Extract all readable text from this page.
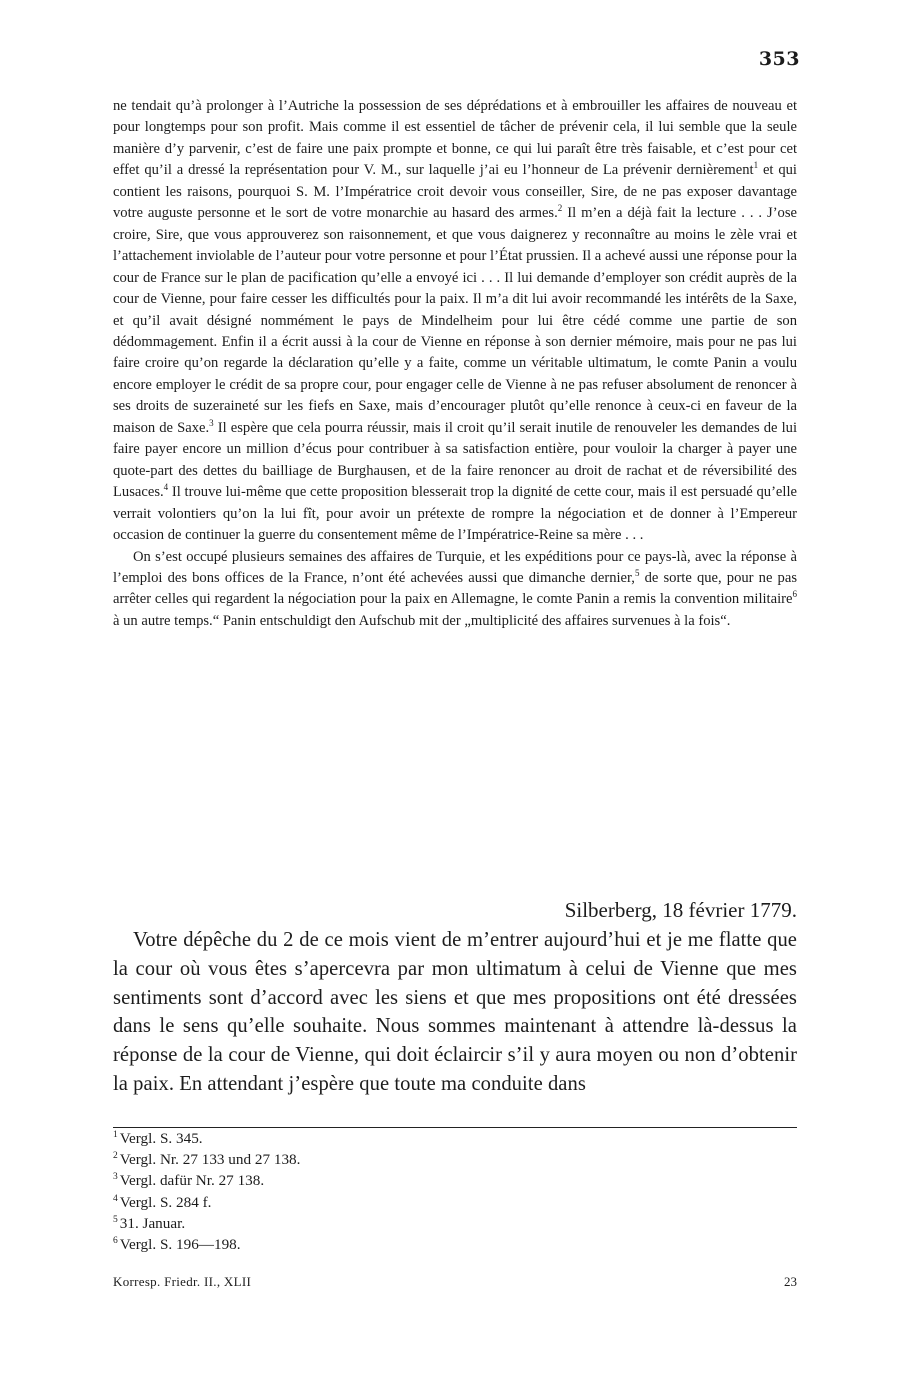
353

ne tendait qu’à prolonger à l’Autriche la possession de ses déprédations et à embrouiller les affaires de nouveau et pour longtemps pour son profit. Mais comme il est essentiel de tâcher de prévenir cela, il lui semble que la seule manière d’y parvenir, c’est de faire une paix prompte et bonne, ce qui lui paraît être très faisable, et c’est pour cet effet qu’il a dressé la représentation pour V. M., sur laquelle j’ai eu l’honneur de La prévenir dernièrement$^1$ et qui contient les raisons, pourquoi S. M. l’Impératrice croit devoir vous conseiller, Sire, de ne pas exposer davantage votre auguste personne et le sort de votre monarchie au hasard des armes.$^2$ Il m’en a déjà fait la lecture . . . J’ose croire, Sire, que vous approuverez son raisonnement, et que vous daignerez y reconnaître au moins le zèle vrai et l’attachement inviolable de l’auteur pour votre personne et pour l’État prussien. Il a achevé aussi une réponse pour la cour de France sur le plan de pacification qu’elle a envoyé ici . . . Il lui demande d’employer son crédit auprès de la cour de Vienne, pour faire cesser les difficultés pour la paix. Il m’a dit lui avoir recommandé les intérêts de la Saxe, et qu’il avait désigné nommément le pays de Mindelheim pour lui être cédé comme une partie de son dédommagement. Enfin il a écrit aussi à la cour de Vienne en réponse à son dernier mémoire, mais pour ne pas lui faire croire qu’on regarde la déclaration qu’elle y a faite, comme un véritable ultimatum, le comte Panin a voulu encore employer le crédit de sa propre cour, pour engager celle de Vienne à ne pas refuser absolument de renoncer à ses droits de suzeraineté sur les fiefs en Saxe, mais d’encourager plutôt qu’elle renonce à ceux-ci en faveur de la maison de Saxe.$^3$ Il espère que cela pourra réussir, mais il croit qu’il serait inutile de renouveler les demandes de lui faire payer encore un million d’écus pour contribuer à sa satisfaction entière, pour vouloir la charger à payer une quote-part des dettes du bailliage de Burghausen, et de la faire renoncer au droit de rachat et de réversibilité des Lusaces.$^4$ Il trouve lui-même que cette proposition blesserait trop la dignité de cette cour, mais il est persuadé qu’elle verrait volontiers qu’on la lui fît, pour avoir un prétexte de rompre la négociation et de donner à l’Empereur occasion de continuer la guerre du consentement même de l’Impératrice-Reine sa mère . . .

On s’est occupé plusieurs semaines des affaires de Turquie, et les expéditions pour ce pays-là, avec la réponse à l’emploi des bons offices de la France, n’ont été achevées aussi que dimanche dernier,$^5$ de sorte que, pour ne pas arrêter celles qui regardent la négociation pour la paix en Allemagne, le comte Panin a remis la convention militaire$^6$ à un autre temps.“ Panin entschuldigt den Aufschub mit der „multiplicité des affaires survenues à la fois“.

Silberberg, 18 février 1779.

Votre dépêche du 2 de ce mois vient de m’entrer aujourd’hui et je me flatte que la cour où vous êtes s’apercevra par mon ultimatum à celui de Vienne que mes sentiments sont d’accord avec les siens et que mes propositions ont été dressées dans le sens qu’elle souhaite. Nous sommes maintenant à attendre là-dessus la réponse de la cour de Vienne, qui doit éclaircir s’il y aura moyen ou non d’obtenir la paix. En attendant j’espère que toute ma conduite dans

$^1$ Vergl. S. 345.
$^2$ Vergl. Nr. 27 133 und 27 138.
$^3$ Vergl. dafür Nr. 27 138.
$^4$ Vergl. S. 284 f.
$^5$ 31. Januar.
$^6$ Vergl. S. 196—198.
Korresp. Friedr. II., XLII	23
